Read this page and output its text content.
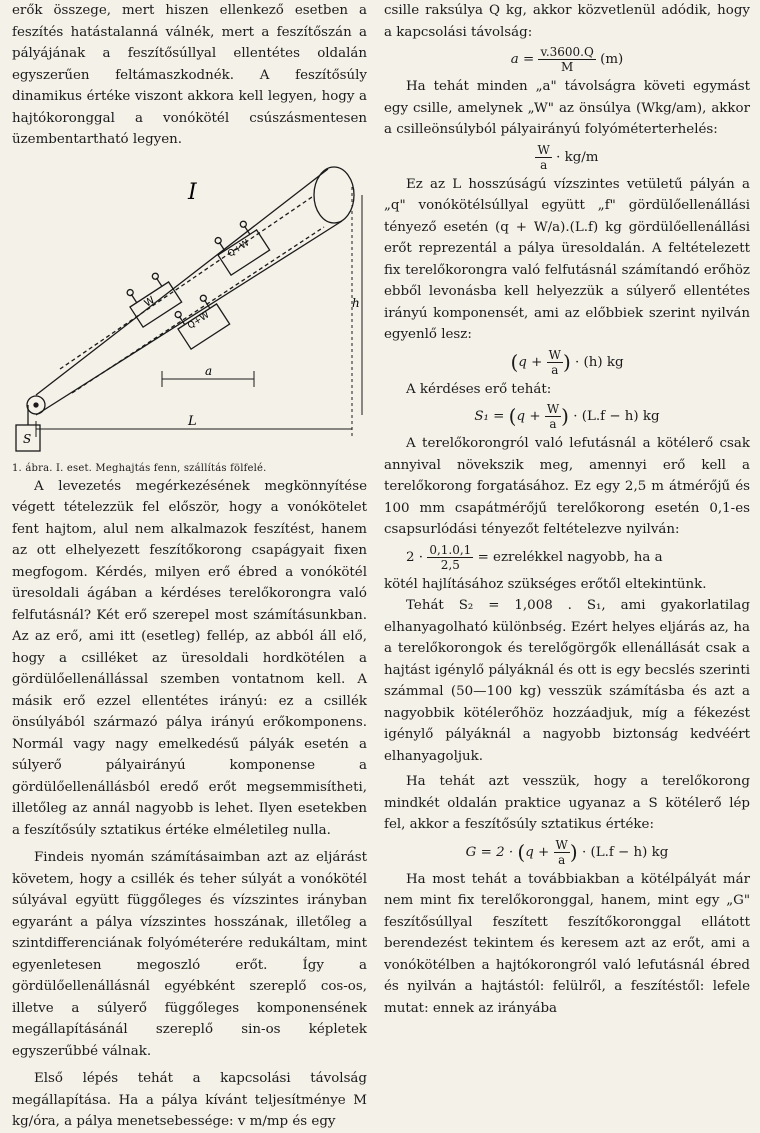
erők összege, mert hiszen ellenkező esetben a feszítés hatástalanná válnék, mert a feszítőszán a pályájának a feszítősúllyal ellentétes oldalán egyszerűen feltámaszkodnék. A feszítősúly dinamikus értéke viszont akkora kell legyen, hogy a hajtókoronggal a vonókötél csúszásmentesen üzembentartható legyen.

I
W
Q+W
Q+W
a
L
h
S

1. ábra. I. eset. Meghajtás fenn, szállítás fölfelé.

A levezetés megérkezésének megkönnyítése végett tételezzük fel először, hogy a vonókötelet fent hajtom, alul nem alkalmazok feszítést, hanem az ott elhelyezett feszítőkorong csapágyait fixen megfogom. Kérdés, milyen erő ébred a vonókötél üresoldali ágában a kérdéses terelőkorongra való felfutásnál? Két erő szerepel most számításunkban. Az az erő, ami itt (esetleg) fellép, az abból áll elő, hogy a csilléket az üresoldali hordkötélen a gördülőellenállással szemben vontatnom kell. A másik erő ezzel ellentétes irányú: ez a csillék önsúlyából származó pálya irányú erőkomponens. Normál vagy nagy emelkedésű pályák esetén a súlyerő pályairányú komponense a gördülőellenállásból eredő erőt megsemmisítheti, illetőleg az annál nagyobb is lehet. Ilyen esetekben a feszítősúly sztatikus értéke elméletileg nulla.

Findeis nyomán számításaimban azt az eljárást követem, hogy a csillék és teher súlyát a vonókötél súlyával együtt függőleges és vízszintes irányban egyaránt a pálya vízszintes hosszának, illetőleg a szintdifferenciának folyóméterére redukáltam, mint egyenletesen megoszló erőt. Így a gördülőellenállásnál egyébként szereplő cos-os, illetve a súlyerő függőleges komponensének megállapításánál szereplő sin-os képletek egyszerűbbé válnak.

Első lépés tehát a kapcsolási távolság megállapítása. Ha a pálya kívánt teljesítménye M kg/óra, a pálya menetsebessége: v m/mp és egy

csille raksúlya Q kg, akkor közvetlenül adódik, hogy a kapcsolási távolság:

$a = \frac{v.3600.Q}{M} (m)$

Ha tehát minden „a" távolságra követi egymást egy csille, amelynek „W" az önsúlya (Wkg/am), akkor a csilleönsúlyból pályairányú folyóméterterhelés:

$\frac{W}{a} \cdot kg/m$

Ez az L hosszúságú vízszintes vetületű pályán a „q" vonókötélsúllyal együtt „f" gördülőellenállási tényező esetén (q + W/a).(L.f) kg gördülőellenállási erőt reprezentál a pálya üresoldalán. A feltételezett fix terelőkorongra való felfutásnál számítandó erőhöz ebből levonásba kell helyezzük a súlyerő ellentétes irányú komponensét, ami az előbbiek szerint nyilván egyenlő lesz:

($q + \frac{W}{a}$ ) · (h) kg

A kérdéses erő tehát:

$S_1 = (q + \frac{W}{a}$ ) · (L.f − h) kg

A terelőkorongról való lefutásnál a kötélerő csak annyival növekszik meg, amennyi erő kell a terelőkorong forgatásához. Ez egy 2,5 m átmérőjű és 100 mm csapátmérőjű terelőkorong esetén 0,1-es csapsurlódási tényezőt feltételezve nyilván:

$2 \cdot \frac{0,1.0,1}{2,5}$ = ezrelékkel nagyobb, ha a

kötél hajlításához szükséges erőtől eltekintünk.

Tehát S₂ = 1,008 . S₁, ami gyakorlatilag elhanyagolható különbség. Ezért helyes eljárás az, ha a terelőkorongok és terelőgörgők ellenállását csak a hajtást igénylő pályáknál és ott is egy becslés szerinti számmal (50—100 kg) vesszük számításba és azt a nagyobbik kötélerőhöz hozzáadjuk, míg a fékezést igénylő pályáknál a nagyobb biztonság kedvéért elhanyagoljuk.

Ha tehát azt vesszük, hogy a terelőkorong mindkét oldalán praktice ugyanaz a S kötélerő lép fel, akkor a feszítősúly sztatikus értéke:

$G = 2 \cdot (q + \frac{W}{a}$ ) · (L.f − h) kg

Ha most tehát a továbbiakban a kötélpályát már nem mint fix terelőkoronggal, hanem, mint egy „G" feszítősúllyal feszített feszítőkoronggal ellátott berendezést tekintem és keresem azt az erőt, ami a vonókötélben a hajtókorongról való lefutásnál ébred és nyilván a hajtástól: felülről, a feszítéstől: lefele mutat: ennek az irányába
